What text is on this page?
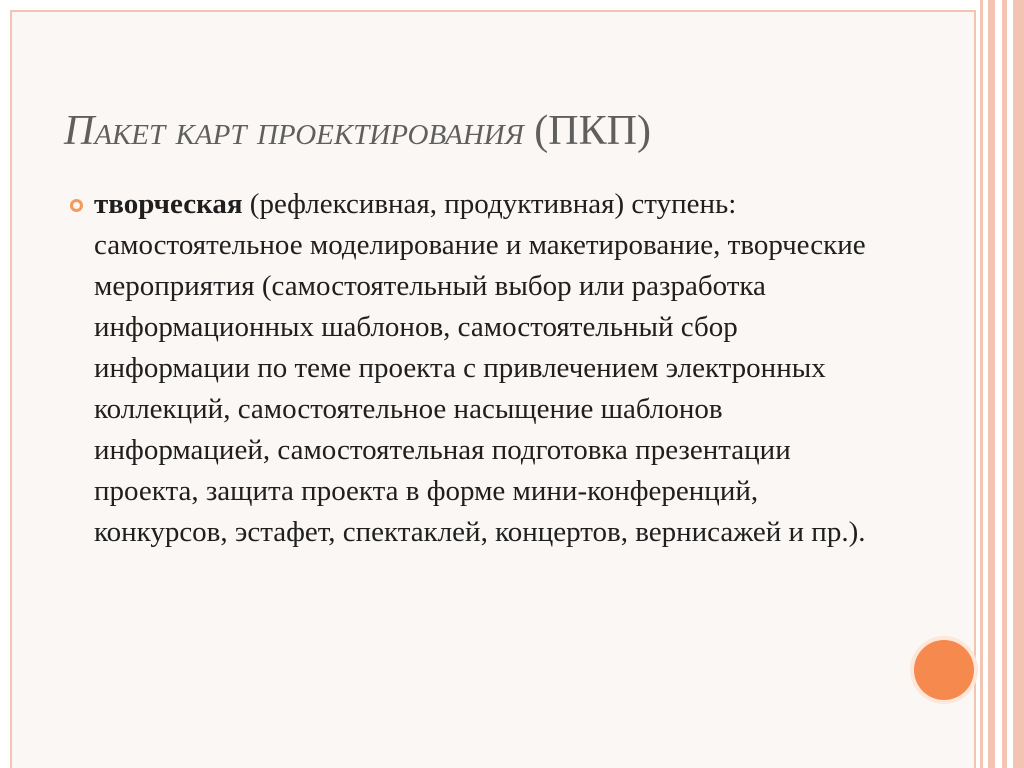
Пакет карт проектирования (ПКП)

творческая (рефлексивная, продуктивная) ступень: самостоятельное моделирование и макетирование, творческие мероприятия (самостоятельный выбор или разработка информационных шаблонов, самостоятельный сбор информации по теме проекта с привлечением электронных коллекций, самостоятельное насыщение шаблонов информацией, самостоятельная подготовка презентации проекта, защита проекта в форме мини-конференций, конкурсов, эстафет, спектаклей, концертов, вернисажей и пр.).
